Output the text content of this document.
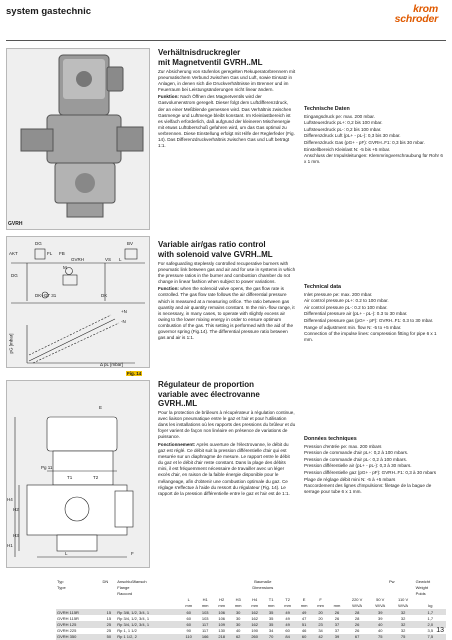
system gastechnic	krom
schroder
GVRH
Verhältnisdruckregler
mit Magnetventil GVRH..ML

Zur Absicherung von stufenlos geregelten Rekuperatorbrennern mit pneumatischem Verbund zwischen Gas und Luft, sowie Einsatz in Anlagen, in denen sich die Druckverhältnisse im Brenner und im Feuerraum bei Leistungsänderungen nicht linear ändern.

Funktion: Nach Öffnen des Magnetventils wird der Gasvolumenstrom geregelt. Dieser folgt dem Luftdifferenzdruck, der an einer Meßblende gemessen wird. Das Verhältnis zwischen Gasmenge und Luftmenge bleibt konstant. Im Kleinlastbereich ist es vielfach erforderlich, daß aufgrund der kleineren Mischenergie mit etwas Luftüberschuß gefahren wird, um das Gas optimal zu verbrennen. Diese Einstellung erfolgt mit Hilfe der Reglerfeder (Fig. 14). Das Differenzdruckverhältnis zwischen Gas und Luft beträgt 1:1.

Technische Daten
Eingangsdruck pe: max. 200 mbar.
Luftsteuerdruck pL+: 0,2 bis 100 mbar.
Luftsteuerdruck pL-: 0,2 bis 100 mbar.
Differenzdruck Luft (pL+ - pL-): 0,3 bis 30 mbar.
Differenzdruck Gas (pG+ - pF): GVRH..F1: 0,3 bis 30 mbar.
Einstellbereich Kleinlast N: -5 bis +5 mbar.
Anschluss der Impulsleitungen: Klemmringverschraubung für Rohr 6 x 1 mm.
DG	BV
AKT	FL FB
GVRH	VS L
DG
M
DK+GT 31	DK
pG [mbar]
+N
-N
Δ pL [mbar]
Fig. 14
Variable air/gas ratio control
with solenoid valve GVRH..ML

For safeguarding steplessly controlled recuperative burners with pneumatic link between gas and air and for use in systems in which the pressure ratios in the burner and combustion chamber do not change in linear fashion when subject to power variations.

Function: when the solenoid valve opens, the gas flow rate is controlled. The gas flow rate follows the air differential pressure which is measured at a measuring orifice. The ratio between gas quantity and air quantity remains constant. In the min.-flow range, it is necessary, in many cases, to operate with slightly excess air owing to the lower mixing energy in order to ensure optimum combustion of the gas. This setting is performed with the aid of the governor spring (Fig.14). The differential pressure ratio between gas and air is 1:1.

Technical data
Inlet pressure pe: max. 200 mbar.
Air control pressure pL+: 0.2 to 100 mbar.
Air control pressure pL-: 0.2 to 100 mbar.
Differential pressure air (pL+ - pL-): 0.3 to 30 mbar.
Differential pressure gas (pG+ - pF): GVRH..F1: 0.3 to 30 mbar.
Range of adjustment min. flow N: -5 to +5 mbar.
Connection of the impulse lines: compression fitting for pipe 6 x 1 mm.
E
Pg 11
T1	T2
H4
H2
H3
H1
L	F
Régulateur de proportion
variable avec électrovanne
GVRH..ML

Pour la protection de brûleurs à récupérateur à régulation continue, avec liaison pneumatique entre le gaz et l'air et pour l'utilisation dans les installations où les rapports des pressions du brûleur et du foyer varient de façon non linéaire en présence de variations de puissance.

Fonctionnement: Après ouverture de l'électrovanne, le débit du gaz est réglé. Ce débit suit la pression différentielle d'air qui est mesurée sur un diaphragme de mesure. Le rapport entre le débit du gaz et le débit d'air reste constant. Dans la plage des débits mini, il est fréquemment nécessaire de travailler avec un léger excès d'air, en raison de la faible énergie disponible pour le mélangeage, afin d'obtenir une combustion optimale du gaz. Ce réglage s'effectue à l'aide du ressort du régulateur (Fig. 14). Le rapport de la pression différentielle entre le gaz et l'air est de 1:1.

Données techniques
Pression d'entrée pe: max. 200 mbars
Pression de commande d'air pL+: 0,2 à 100 mbars.
Pression de commande d'air pL-: 0,2 à 100 mbars.
Pression différentielle air (pL+ - pL-): 0,3 à 30 mbars.
Pression différentielle gaz (pG+ - pF): GVRH..F1: 0,3 à 30 mbars
Plage de réglage débit mini N: -5 à +5 mbars
Raccordement des lignes d'impulsions: filetage de la bague de serrage pour tube 6 x 1 mm.
Typ	DN	Anschlußflansch	Baumaße											Pw		Gewicht
Type		Flange	Dimensions													Weight
		Raccord														Poids
			L	H1	H2	H3	H4	T1	T2	E	F		220 V	50 V	110 V	
			mm	mm	mm	mm	mm	mm	mm	mm	mm	mm	W/VA	W/VA	W/VA	kg
GVRH 115R	15	Rp 3/8, 1/2, 3/4, 1	60	103	106	30	162	35	49	49	20	26	28	39	32	1,7
GVRH 115R	15	Rp 3/4, 1/2, 3/4, 1	60	103	106	30	162	35	49	47	20	26	28	39	32	1,7
GVRH 125	25	Rp 3/4, 1/2, 3/4, 1	60	117	109	30	162	35	49	51	23	37	26	40	32	2,0
GVRH 225	25	Rp 1, 1 1/2	90	117	130	40	190	34	60	46	34	37	26	40	32	3,5
GVRH 350	50	Rp 1 1/2, 2	110	166	218	62	260	70	84	60	42	39	67	75	75	7,5
13
